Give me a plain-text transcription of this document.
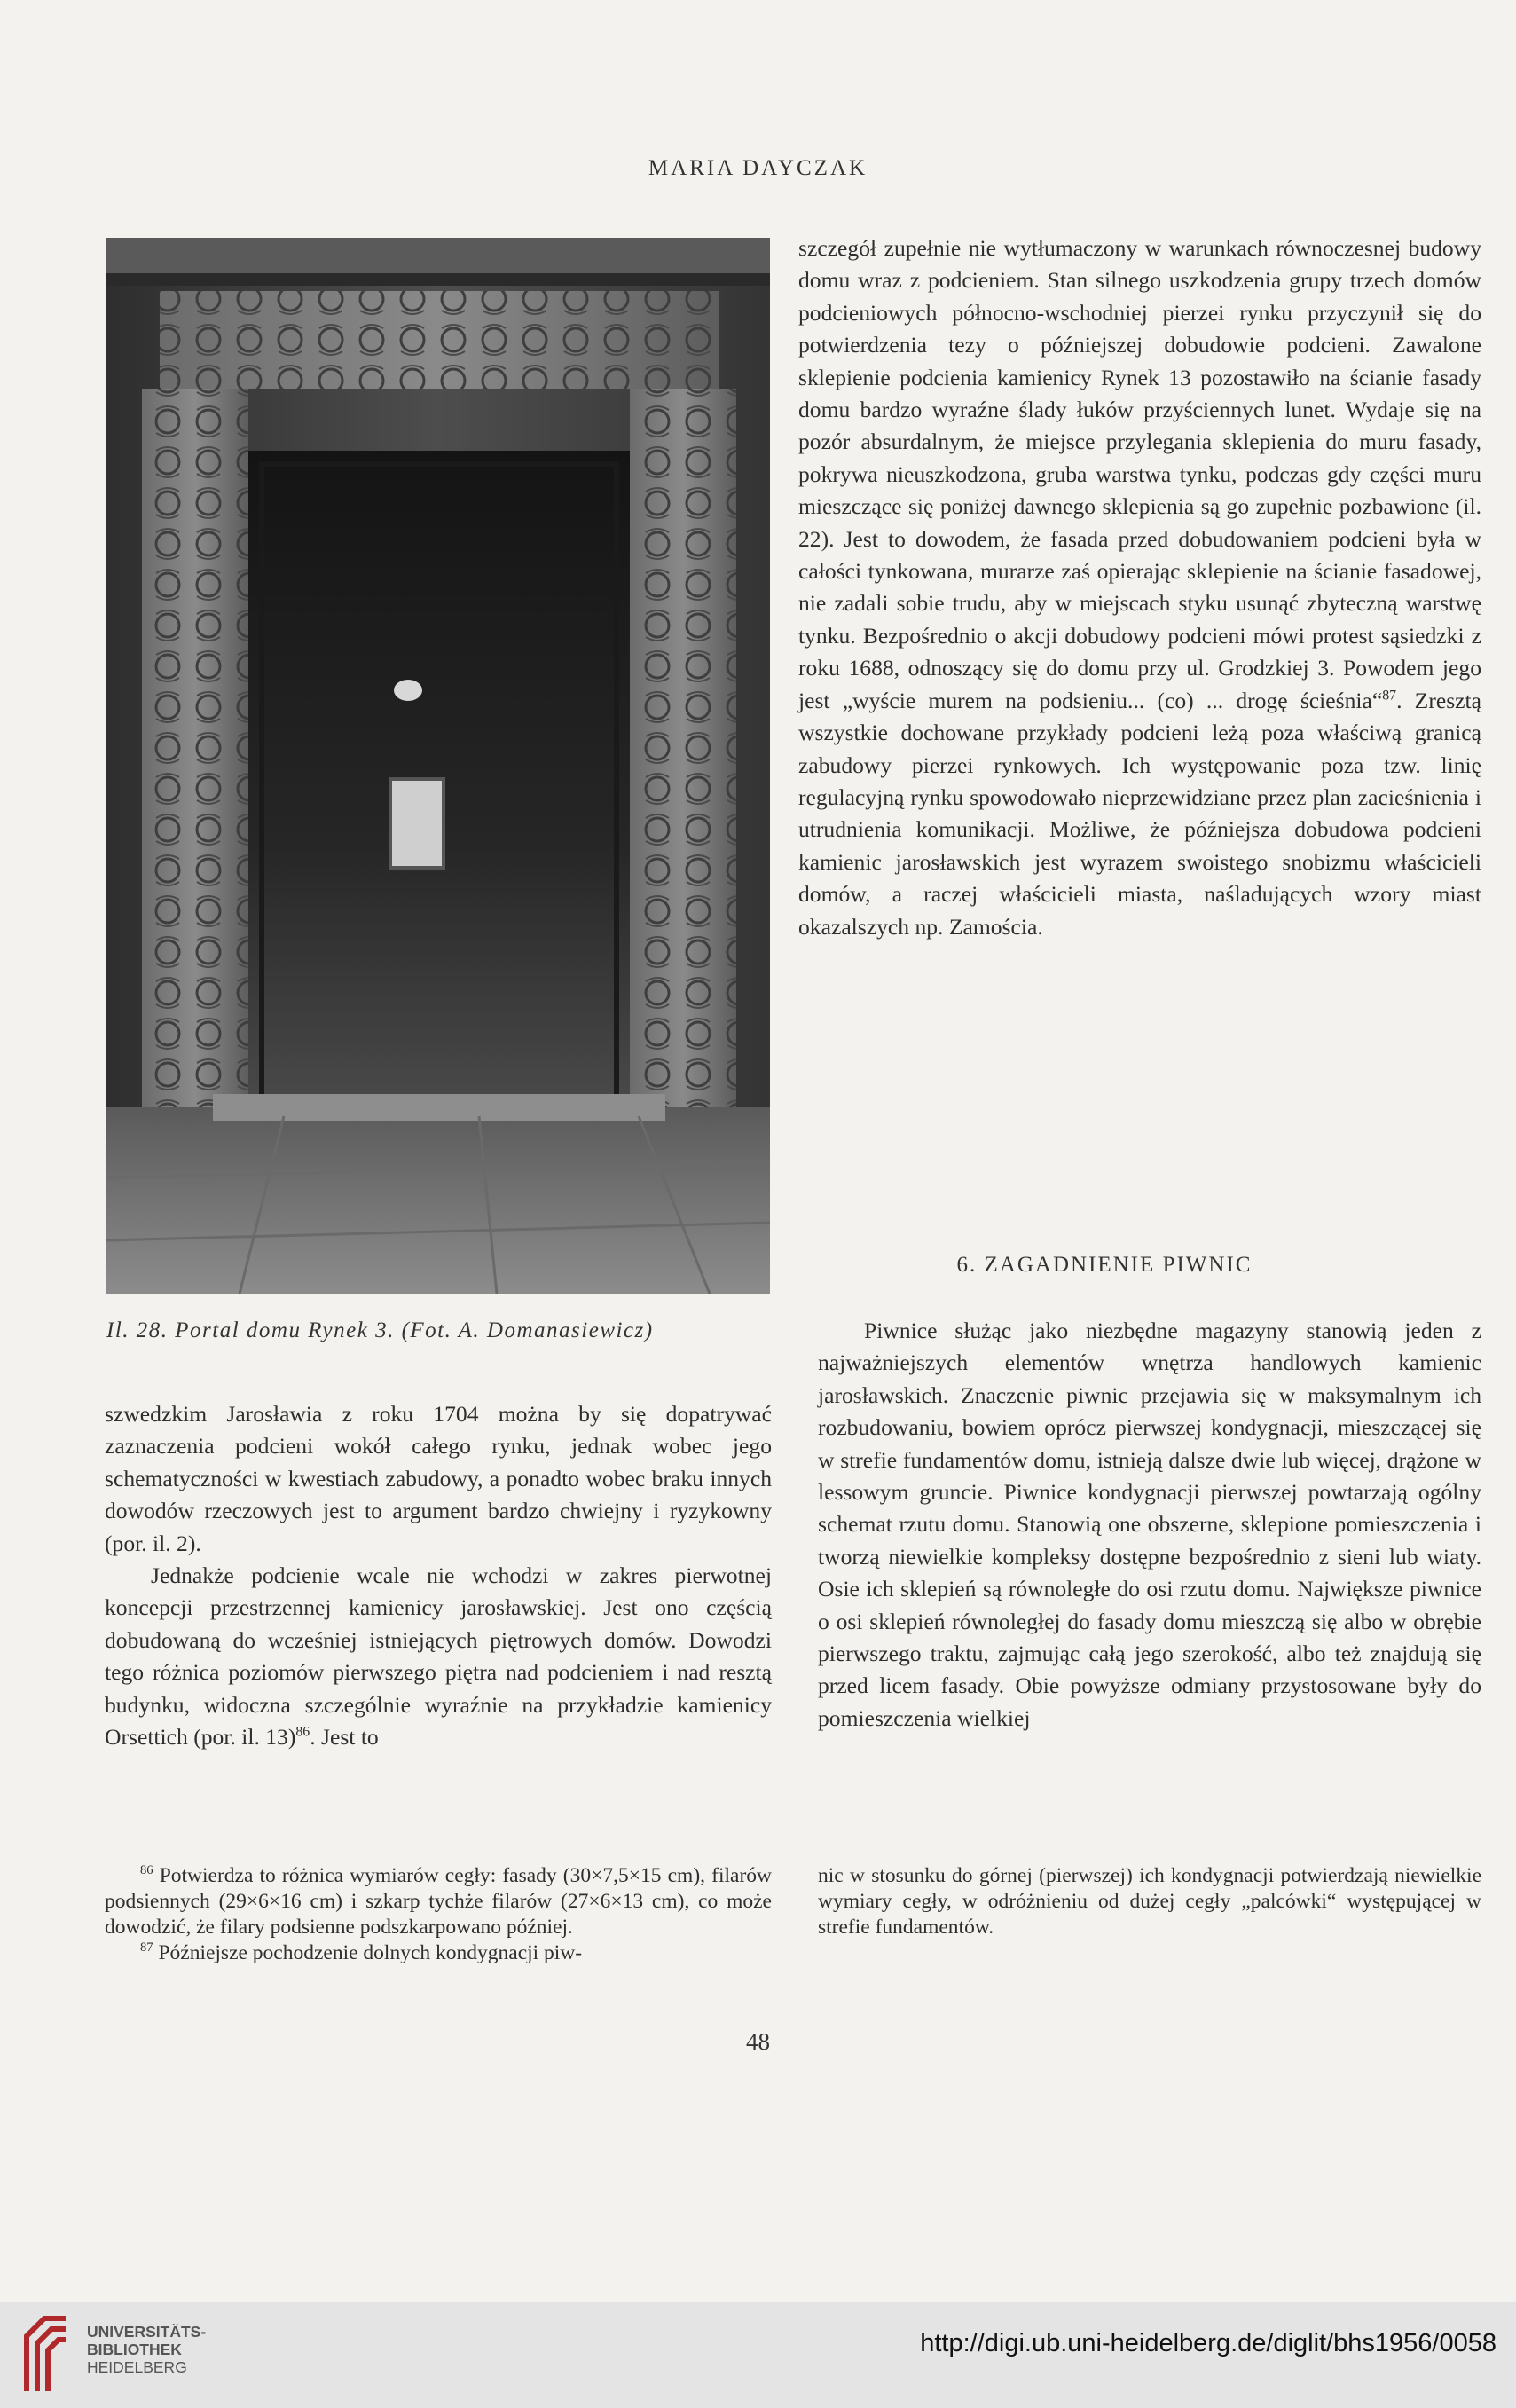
MARIA DAYCZAK
Il. 28. Portal domu Rynek 3. (Fot. A. Domanasiewicz)

szczegół zupełnie nie wytłumaczony w warunkach równoczesnej budowy domu wraz z podcieniem. Stan silnego uszkodzenia grupy trzech domów podcieniowych północno-wschodniej pierzei rynku przyczynił się do potwierdzenia tezy o późniejszej dobudowie podcieni. Zawalone sklepienie podcienia kamienicy Rynek 13 pozostawiło na ścianie fasady domu bardzo wyraźne ślady łuków przyściennych lunet. Wydaje się na pozór absurdalnym, że miejsce przylegania sklepienia do muru fasady, pokrywa nieuszkodzona, gruba warstwa tynku, podczas gdy części muru mieszczące się poniżej dawnego sklepienia są go zupełnie pozbawione (il. 22). Jest to dowodem, że fasada przed dobudowaniem podcieni była w całości tynkowana, murarze zaś opierając sklepienie na ścianie fasadowej, nie zadali sobie trudu, aby w miejscach styku usunąć zbyteczną warstwę tynku. Bezpośrednio o akcji dobudowy podcieni mówi protest sąsiedzki z roku 1688, odnoszący się do domu przy ul. Grodzkiej 3. Powodem jego jest „wyście murem na podsieniu... (co) ... drogę ścieśnia“$^{87}$. Zresztą wszystkie dochowane przykłady podcieni leżą poza właściwą granicą zabudowy pierzei rynkowych. Ich występowanie poza tzw. linię regulacyjną rynku spowodowało nieprzewidziane przez plan zacieśnienia i utrudnienia komunikacji. Możliwe, że późniejsza dobudowa podcieni kamienic jarosławskich jest wyrazem swoistego snobizmu właścicieli domów, a raczej właścicieli miasta, naśladujących wzory miast okazalszych np. Zamościa.

6. ZAGADNIENIE PIWNIC

Piwnice służąc jako niezbędne magazyny stanowią jeden z najważniejszych elementów wnętrza handlowych kamienic jarosławskich. Znaczenie piwnic przejawia się w maksymalnym ich rozbudowaniu, bowiem oprócz pierwszej kondygnacji, mieszczącej się w strefie fundamentów domu, istnieją dalsze dwie lub więcej, drążone w lessowym gruncie. Piwnice kondygnacji pierwszej powtarzają ogólny schemat rzutu domu. Stanowią one obszerne, sklepione pomieszczenia i tworzą niewielkie kompleksy dostępne bezpośrednio z sieni lub wiaty. Osie ich sklepień są równoległe do osi rzutu domu. Największe piwnice o osi sklepień równoległej do fasady domu mieszczą się albo w obrębie pierwszego traktu, zajmując całą jego szerokość, albo też znajdują się przed licem fasady. Obie powyższe odmiany przystosowane były do pomieszczenia wielkiej

szwedzkim Jarosławia z roku 1704 można by się dopatrywać zaznaczenia podcieni wokół całego rynku, jednak wobec jego schematyczności w kwestiach zabudowy, a ponadto wobec braku innych dowodów rzeczowych jest to argument bardzo chwiejny i ryzykowny (por. il. 2).

Jednakże podcienie wcale nie wchodzi w zakres pierwotnej koncepcji przestrzennej kamienicy jarosławskiej. Jest ono częścią dobudowaną do wcześniej istniejących piętrowych domów. Dowodzi tego różnica poziomów pierwszego piętra nad podcieniem i nad resztą budynku, widoczna szczególnie wyraźnie na przykładzie kamienicy Orsettich (por. il. 13)$^{86}$. Jest to

$^{86}$ Potwierdza to różnica wymiarów cegły: fasady (30×7,5×15 cm), filarów podsiennych (29×6×16 cm) i szkarp tychże filarów (27×6×13 cm), co może dowodzić, że filary podsienne podszkarpowano później.

$^{87}$ Późniejsze pochodzenie dolnych kondygnacji piw-

nic w stosunku do górnej (pierwszej) ich kondygnacji potwierdzają niewielkie wymiary cegły, w odróżnieniu od dużej cegły „palcówki“ występującej w strefie fundamentów.

48
UNIVERSITÄTS-
BIBLIOTHEK
HEIDELBERG
http://digi.ub.uni-heidelberg.de/diglit/bhs1956/0058
